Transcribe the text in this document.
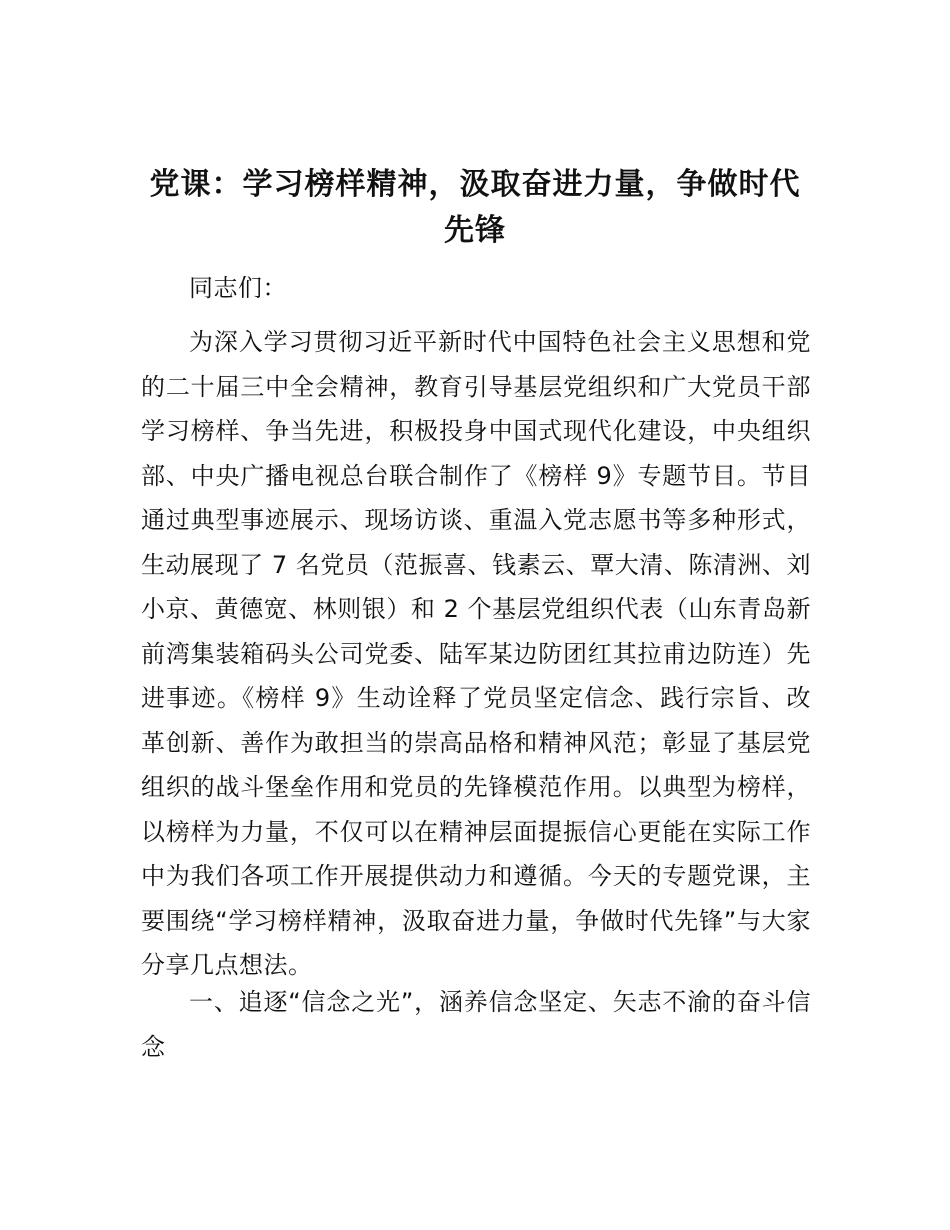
党课：学习榜样精神，汲取奋进力量，争做时代先锋

同志们：

为深入学习贯彻习近平新时代中国特色社会主义思想和党的二十届三中全会精神，教育引导基层党组织和广大党员干部学习榜样、争当先进，积极投身中国式现代化建设，中央组织部、中央广播电视总台联合制作了《榜样 9》专题节目。节目通过典型事迹展示、现场访谈、重温入党志愿书等多种形式，生动展现了 7 名党员（范振喜、钱素云、覃大清、陈清洲、刘小京、黄德宽、林则银）和 2 个基层党组织代表（山东青岛新前湾集装箱码头公司党委、陆军某边防团红其拉甫边防连）先进事迹。《榜样 9》生动诠释了党员坚定信念、践行宗旨、改革创新、善作为敢担当的崇高品格和精神风范；彰显了基层党组织的战斗堡垒作用和党员的先锋模范作用。以典型为榜样，以榜样为力量，不仅可以在精神层面提振信心更能在实际工作中为我们各项工作开展提供动力和遵循。今天的专题党课，主要围绕“学习榜样精神，汲取奋进力量，争做时代先锋”与大家分享几点想法。

一、追逐“信念之光”，涵养信念坚定、矢志不渝的奋斗信念
